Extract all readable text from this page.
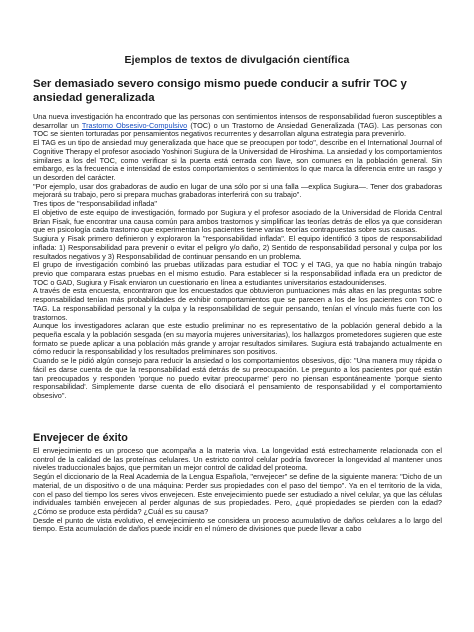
Ejemplos de textos de divulgación científica
Ser demasiado severo consigo mismo puede conducir a sufrir TOC y ansiedad generalizada

Una nueva investigación ha encontrado que las personas con sentimientos intensos de responsabilidad fueron susceptibles a desarrollar un Trastorno Obsesivo-Compulsivo (TOC) o un Trastorno de Ansiedad Generalizada (TAG). Las personas con TOC se sienten torturadas por pensamientos negativos recurrentes y desarrollan alguna estrategia para prevenirlo.

El TAG es un tipo de ansiedad muy generalizada que hace que se preocupen por todo", describe en el International Journal of Cognitive Therapy el profesor asociado Yoshinori Sugiura de la Universidad de Hiroshima. La ansiedad y los comportamientos similares a los del TOC, como verificar si la puerta está cerrada con llave, son comunes en la población general. Sin embargo, es la frecuencia e intensidad de estos comportamientos o sentimientos lo que marca la diferencia entre un rasgo y un desorden del carácter.

"Por ejemplo, usar dos grabadoras de audio en lugar de una sólo por si una falla —explica Sugiura—. Tener dos grabadoras mejorará su trabajo, pero si prepara muchas grabadoras interferirá con su trabajo".

Tres tipos de "responsabilidad inflada"

El objetivo de este equipo de investigación, formado por Sugiura y el profesor asociado de la Universidad de Florida Central Brian Fisak, fue encontrar una causa común para ambos trastornos y simplificar las teorías detrás de ellos ya que consideran que en psicología cada trastorno que experimentan los pacientes tiene varias teorías contrapuestas sobre sus causas.

Sugiura y Fisak primero definieron y exploraron la "responsabilidad inflada". El equipo identificó 3 tipos de responsabilidad inflada: 1) Responsabilidad para prevenir o evitar el peligro y/o daño, 2) Sentido de responsabilidad personal y culpa por los resultados negativos y 3) Responsabilidad de continuar pensando en un problema.

El grupo de investigación combinó las pruebas utilizadas para estudiar el TOC y el TAG, ya que no había ningún trabajo previo que comparara estas pruebas en el mismo estudio. Para establecer si la responsabilidad inflada era un predictor de TOC o GAD, Sugiura y Fisak enviaron un cuestionario en línea a estudiantes universitarios estadounidenses.

A través de esta encuesta, encontraron que los encuestados que obtuvieron puntuaciones más altas en las preguntas sobre responsabilidad tenían más probabilidades de exhibir comportamientos que se parecen a los de los pacientes con TOC o TAG. La responsabilidad personal y la culpa y la responsabilidad de seguir pensando, tenían el vínculo más fuerte con los trastornos.

Aunque los investigadores aclaran que este estudio preliminar no es representativo de la población general debido a la pequeña escala y la población sesgada (en su mayoría mujeres universitarias), los hallazgos prometedores sugieren que este formato se puede aplicar a una población más grande y arrojar resultados similares. Sugiura está trabajando actualmente en cómo reducir la responsabilidad y los resultados preliminares son positivos.

Cuando se le pidió algún consejo para reducir la ansiedad o los comportamientos obsesivos, dijo: "Una manera muy rápida o fácil es darse cuenta de que la responsabilidad está detrás de su preocupación. Le pregunto a los pacientes por qué están tan preocupados y responden 'porque no puedo evitar preocuparme' pero no piensan espontáneamente 'porque siento responsabilidad'. Simplemente darse cuenta de ello disociará el pensamiento de responsabilidad y el comportamiento obsesivo".

Envejecer de éxito

El envejecimiento es un proceso que acompaña a la materia viva. La longevidad está estrechamente relacionada con el control de la calidad de las proteínas celulares. Un estricto control celular podría favorecer la longevidad al mantener unos niveles traduccionales bajos, que permitan un mejor control de calidad del proteoma.

Según el diccionario de la Real Academia de la Lengua Española, "envejecer" se define de la siguiente manera: "Dicho de un material, de un dispositivo o de una máquina: Perder sus propiedades con el paso del tiempo". Ya en el territorio de la vida, con el paso del tiempo los seres vivos envejecen. Este envejecimiento puede ser estudiado a nivel celular, ya que las células individuales también envejecen al perder algunas de sus propiedades. Pero, ¿qué propiedades se pierden con la edad? ¿Cómo se produce esta pérdida? ¿Cuál es su causa?

Desde el punto de vista evolutivo, el envejecimiento se considera un proceso acumulativo de daños celulares a lo largo del tiempo. Esta acumulación de daños puede incidir en el número de divisiones que puede llevar a cabo
